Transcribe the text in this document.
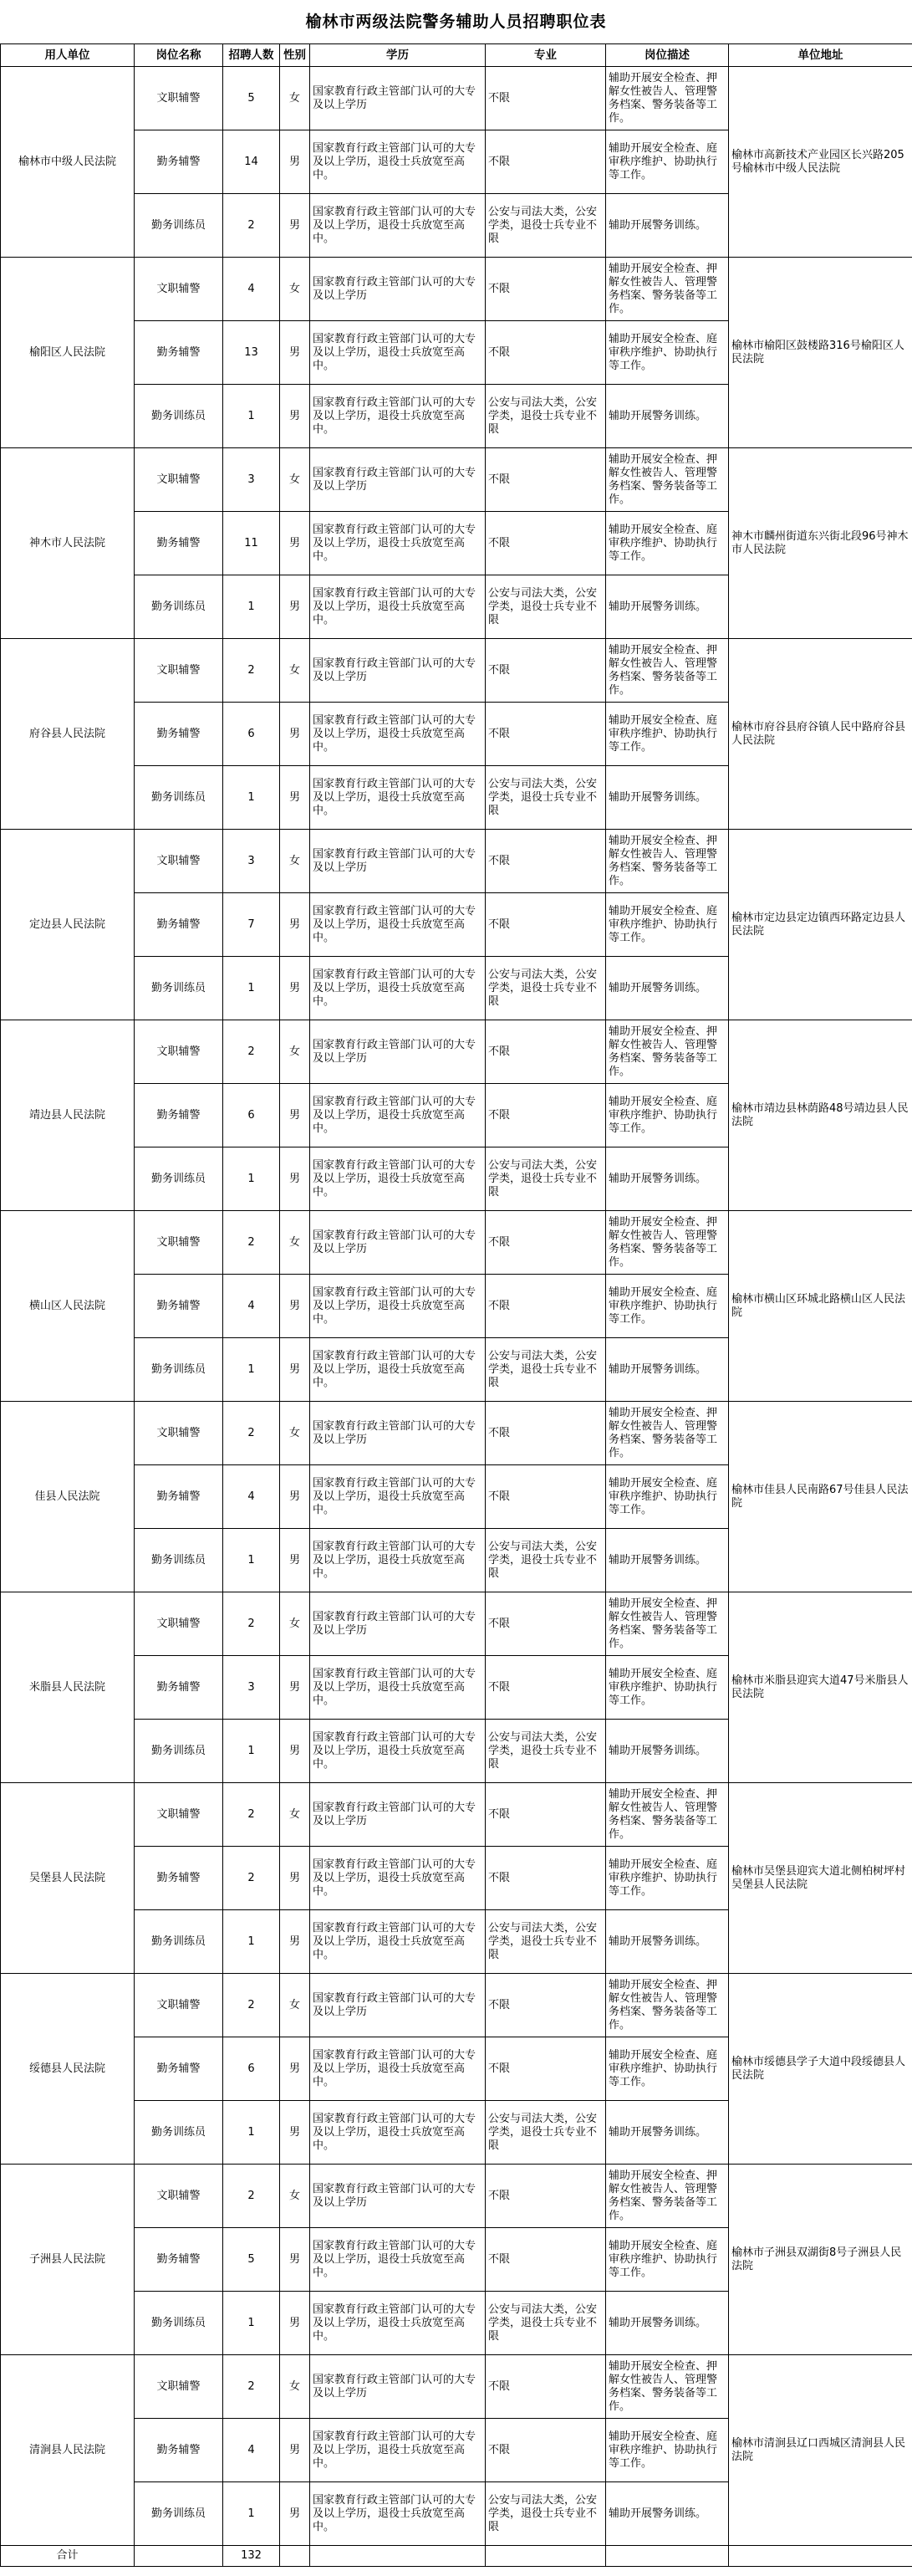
榆林市两级法院警务辅助人员招聘职位表
用人单位	岗位名称	招聘人数	性别	学历	专业	岗位描述	单位地址
榆林市中级人民法院	文职辅警	5	女	国家教育行政主管部门认可的大专及以上学历	不限	辅助开展安全检查、押解女性被告人、管理警务档案、警务装备等工作。	榆林市高新技术产业园区长兴路205号榆林市中级人民法院
	勤务辅警	14	男	国家教育行政主管部门认可的大专及以上学历，退役士兵放宽至高中。	不限	辅助开展安全检查、庭审秩序维护、协助执行等工作。	
	勤务训练员	2	男	国家教育行政主管部门认可的大专及以上学历，退役士兵放宽至高中。	公安与司法大类，公安学类，退役士兵专业不限	辅助开展警务训练。	
榆阳区人民法院	文职辅警	4	女	国家教育行政主管部门认可的大专及以上学历	不限	辅助开展安全检查、押解女性被告人、管理警务档案、警务装备等工作。	榆林市榆阳区鼓楼路316号榆阳区人民法院
	勤务辅警	13	男	国家教育行政主管部门认可的大专及以上学历，退役士兵放宽至高中。	不限	辅助开展安全检查、庭审秩序维护、协助执行等工作。	
	勤务训练员	1	男	国家教育行政主管部门认可的大专及以上学历，退役士兵放宽至高中。	公安与司法大类，公安学类，退役士兵专业不限	辅助开展警务训练。	
神木市人民法院	文职辅警	3	女	国家教育行政主管部门认可的大专及以上学历	不限	辅助开展安全检查、押解女性被告人、管理警务档案、警务装备等工作。	神木市麟州街道东兴街北段96号神木市人民法院
	勤务辅警	11	男	国家教育行政主管部门认可的大专及以上学历，退役士兵放宽至高中。	不限	辅助开展安全检查、庭审秩序维护、协助执行等工作。	
	勤务训练员	1	男	国家教育行政主管部门认可的大专及以上学历，退役士兵放宽至高中。	公安与司法大类，公安学类，退役士兵专业不限	辅助开展警务训练。	
府谷县人民法院	文职辅警	2	女	国家教育行政主管部门认可的大专及以上学历	不限	辅助开展安全检查、押解女性被告人、管理警务档案、警务装备等工作。	榆林市府谷县府谷镇人民中路府谷县人民法院
	勤务辅警	6	男	国家教育行政主管部门认可的大专及以上学历，退役士兵放宽至高中。	不限	辅助开展安全检查、庭审秩序维护、协助执行等工作。	
	勤务训练员	1	男	国家教育行政主管部门认可的大专及以上学历，退役士兵放宽至高中。	公安与司法大类，公安学类，退役士兵专业不限	辅助开展警务训练。	
定边县人民法院	文职辅警	3	女	国家教育行政主管部门认可的大专及以上学历	不限	辅助开展安全检查、押解女性被告人、管理警务档案、警务装备等工作。	榆林市定边县定边镇西环路定边县人民法院
	勤务辅警	7	男	国家教育行政主管部门认可的大专及以上学历，退役士兵放宽至高中。	不限	辅助开展安全检查、庭审秩序维护、协助执行等工作。	
	勤务训练员	1	男	国家教育行政主管部门认可的大专及以上学历，退役士兵放宽至高中。	公安与司法大类，公安学类，退役士兵专业不限	辅助开展警务训练。	
靖边县人民法院	文职辅警	2	女	国家教育行政主管部门认可的大专及以上学历	不限	辅助开展安全检查、押解女性被告人、管理警务档案、警务装备等工作。	榆林市靖边县林荫路48号靖边县人民法院
	勤务辅警	6	男	国家教育行政主管部门认可的大专及以上学历，退役士兵放宽至高中。	不限	辅助开展安全检查、庭审秩序维护、协助执行等工作。	
	勤务训练员	1	男	国家教育行政主管部门认可的大专及以上学历，退役士兵放宽至高中。	公安与司法大类，公安学类，退役士兵专业不限	辅助开展警务训练。	
横山区人民法院	文职辅警	2	女	国家教育行政主管部门认可的大专及以上学历	不限	辅助开展安全检查、押解女性被告人、管理警务档案、警务装备等工作。	榆林市横山区环城北路横山区人民法院
	勤务辅警	4	男	国家教育行政主管部门认可的大专及以上学历，退役士兵放宽至高中。	不限	辅助开展安全检查、庭审秩序维护、协助执行等工作。	
	勤务训练员	1	男	国家教育行政主管部门认可的大专及以上学历，退役士兵放宽至高中。	公安与司法大类，公安学类，退役士兵专业不限	辅助开展警务训练。	
佳县人民法院	文职辅警	2	女	国家教育行政主管部门认可的大专及以上学历	不限	辅助开展安全检查、押解女性被告人、管理警务档案、警务装备等工作。	榆林市佳县人民南路67号佳县人民法院
	勤务辅警	4	男	国家教育行政主管部门认可的大专及以上学历，退役士兵放宽至高中。	不限	辅助开展安全检查、庭审秩序维护、协助执行等工作。	
	勤务训练员	1	男	国家教育行政主管部门认可的大专及以上学历，退役士兵放宽至高中。	公安与司法大类，公安学类，退役士兵专业不限	辅助开展警务训练。	
米脂县人民法院	文职辅警	2	女	国家教育行政主管部门认可的大专及以上学历	不限	辅助开展安全检查、押解女性被告人、管理警务档案、警务装备等工作。	榆林市米脂县迎宾大道47号米脂县人民法院
	勤务辅警	3	男	国家教育行政主管部门认可的大专及以上学历，退役士兵放宽至高中。	不限	辅助开展安全检查、庭审秩序维护、协助执行等工作。	
	勤务训练员	1	男	国家教育行政主管部门认可的大专及以上学历，退役士兵放宽至高中。	公安与司法大类，公安学类，退役士兵专业不限	辅助开展警务训练。	
吴堡县人民法院	文职辅警	2	女	国家教育行政主管部门认可的大专及以上学历	不限	辅助开展安全检查、押解女性被告人、管理警务档案、警务装备等工作。	榆林市吴堡县迎宾大道北侧柏树坪村吴堡县人民法院
	勤务辅警	2	男	国家教育行政主管部门认可的大专及以上学历，退役士兵放宽至高中。	不限	辅助开展安全检查、庭审秩序维护、协助执行等工作。	
	勤务训练员	1	男	国家教育行政主管部门认可的大专及以上学历，退役士兵放宽至高中。	公安与司法大类，公安学类，退役士兵专业不限	辅助开展警务训练。	
绥德县人民法院	文职辅警	2	女	国家教育行政主管部门认可的大专及以上学历	不限	辅助开展安全检查、押解女性被告人、管理警务档案、警务装备等工作。	榆林市绥德县学子大道中段绥德县人民法院
	勤务辅警	6	男	国家教育行政主管部门认可的大专及以上学历，退役士兵放宽至高中。	不限	辅助开展安全检查、庭审秩序维护、协助执行等工作。	
	勤务训练员	1	男	国家教育行政主管部门认可的大专及以上学历，退役士兵放宽至高中。	公安与司法大类，公安学类，退役士兵专业不限	辅助开展警务训练。	
子洲县人民法院	文职辅警	2	女	国家教育行政主管部门认可的大专及以上学历	不限	辅助开展安全检查、押解女性被告人、管理警务档案、警务装备等工作。	榆林市子洲县双湖街8号子洲县人民法院
	勤务辅警	5	男	国家教育行政主管部门认可的大专及以上学历，退役士兵放宽至高中。	不限	辅助开展安全检查、庭审秩序维护、协助执行等工作。	
	勤务训练员	1	男	国家教育行政主管部门认可的大专及以上学历，退役士兵放宽至高中。	公安与司法大类，公安学类，退役士兵专业不限	辅助开展警务训练。	
清涧县人民法院	文职辅警	2	女	国家教育行政主管部门认可的大专及以上学历	不限	辅助开展安全检查、押解女性被告人、管理警务档案、警务装备等工作。	榆林市清涧县辽口西城区清涧县人民法院
	勤务辅警	4	男	国家教育行政主管部门认可的大专及以上学历，退役士兵放宽至高中。	不限	辅助开展安全检查、庭审秩序维护、协助执行等工作。	
	勤务训练员	1	男	国家教育行政主管部门认可的大专及以上学历，退役士兵放宽至高中。	公安与司法大类，公安学类，退役士兵专业不限	辅助开展警务训练。	
合计		132					
